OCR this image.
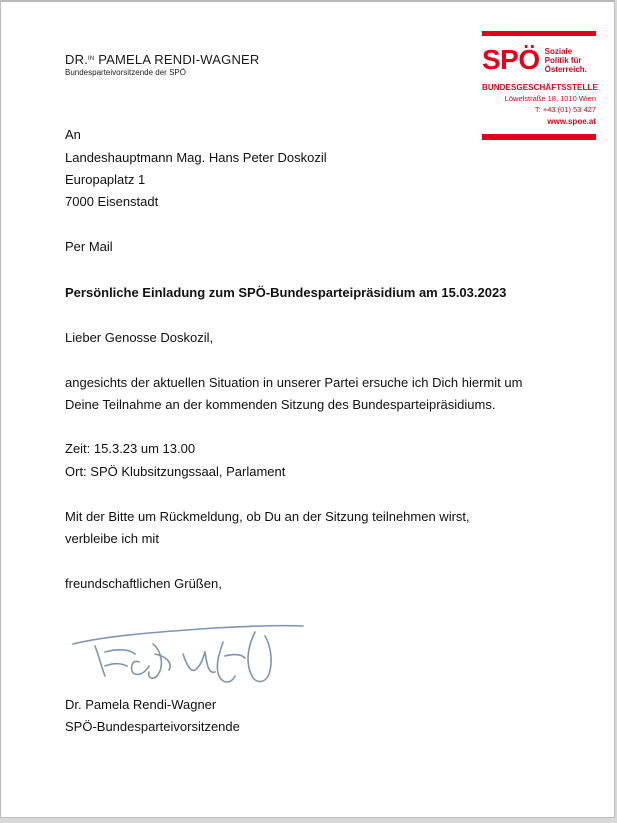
DR.$^{IN}$ PAMELA RENDI-WAGNER
Bundesparteivorsitzende der SPÖ	SPÖ Soziale
Politik für
Österreich.
BUNDESGESCHÄFTSSTELLE
Löwelstraße 18, 1010 Wien
T: +43 (01) 53 427
www.spoe.at
An
Landeshauptmann Mag. Hans Peter Doskozil
Europaplatz 1
7000 Eisenstadt
Per Mail
Persönliche Einladung zum SPÖ-Bundesparteipräsidium am 15.03.2023
Lieber Genosse Doskozil,
angesichts der aktuellen Situation in unserer Partei ersuche ich Dich hiermit um
Deine Teilnahme an der kommenden Sitzung des Bundesparteipräsidiums.
Zeit: 15.3.23 um 13.00
Ort: SPÖ Klubsitzungssaal, Parlament
Mit der Bitte um Rückmeldung, ob Du an der Sitzung teilnehmen wirst,
verbleibe ich mit
freundschaftlichen Grüßen,
Dr. Pamela Rendi-Wagner
SPÖ-Bundesparteivorsitzende
